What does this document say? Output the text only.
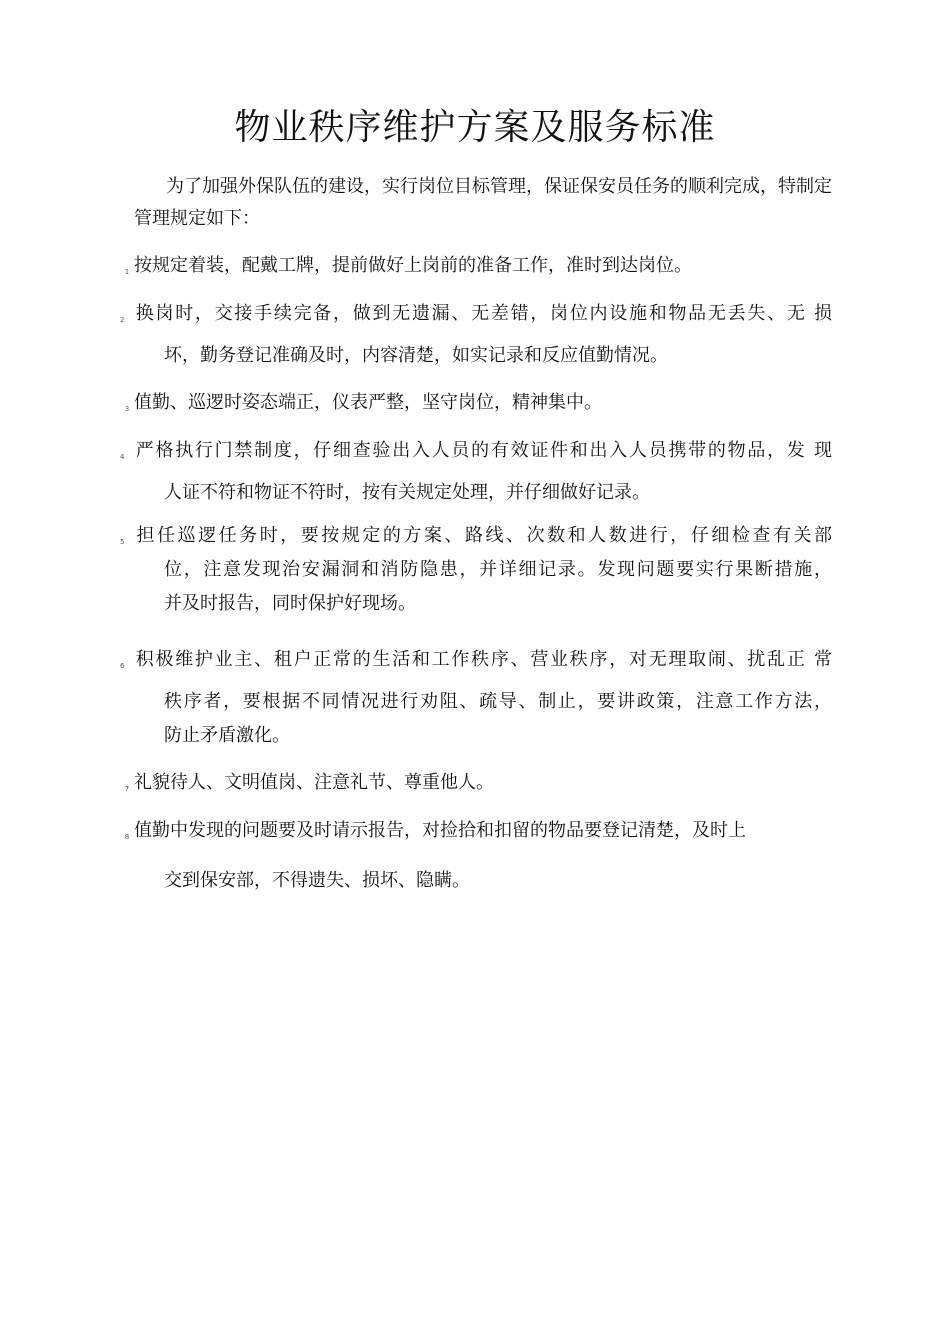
物业秩序维护方案及服务标准

为了加强外保队伍的建设，实行岗位目标管理，保证保安员任务的顺利完成，特制定管理规定如下：

1 按规定着装，配戴工牌，提前做好上岗前的准备工作，准时到达岗位。

2 换岗时，交接手续完备，做到无遗漏、无差错，岗位内设施和物品无丢失、无 损
坏，勤务登记准确及时，内容清楚，如实记录和反应值勤情况。

3 值勤、巡逻时姿态端正，仪表严整，坚守岗位，精神集中。

4 严格执行门禁制度，仔细查验出入人员的有效证件和出入人员携带的物品，发 现
人证不符和物证不符时，按有关规定处理，并仔细做好记录。

5 担任巡逻任务时，要按规定的方案、路线、次数和人数进行，仔细检查有关部
位，注意发现治安漏洞和消防隐患，并详细记录。发现问题要实行果断措施，
并及时报告，同时保护好现场。

6 积极维护业主、租户正常的生活和工作秩序、营业秩序，对无理取闹、扰乱正 常
秩序者，要根据不同情况进行劝阻、疏导、制止，要讲政策，注意工作方法，
防止矛盾激化。

7 礼貌待人、文明值岗、注意礼节、尊重他人。

8 值勤中发现的问题要及时请示报告，对捡拾和扣留的物品要登记清楚，及时上
交到保安部，不得遗失、损坏、隐瞒。
